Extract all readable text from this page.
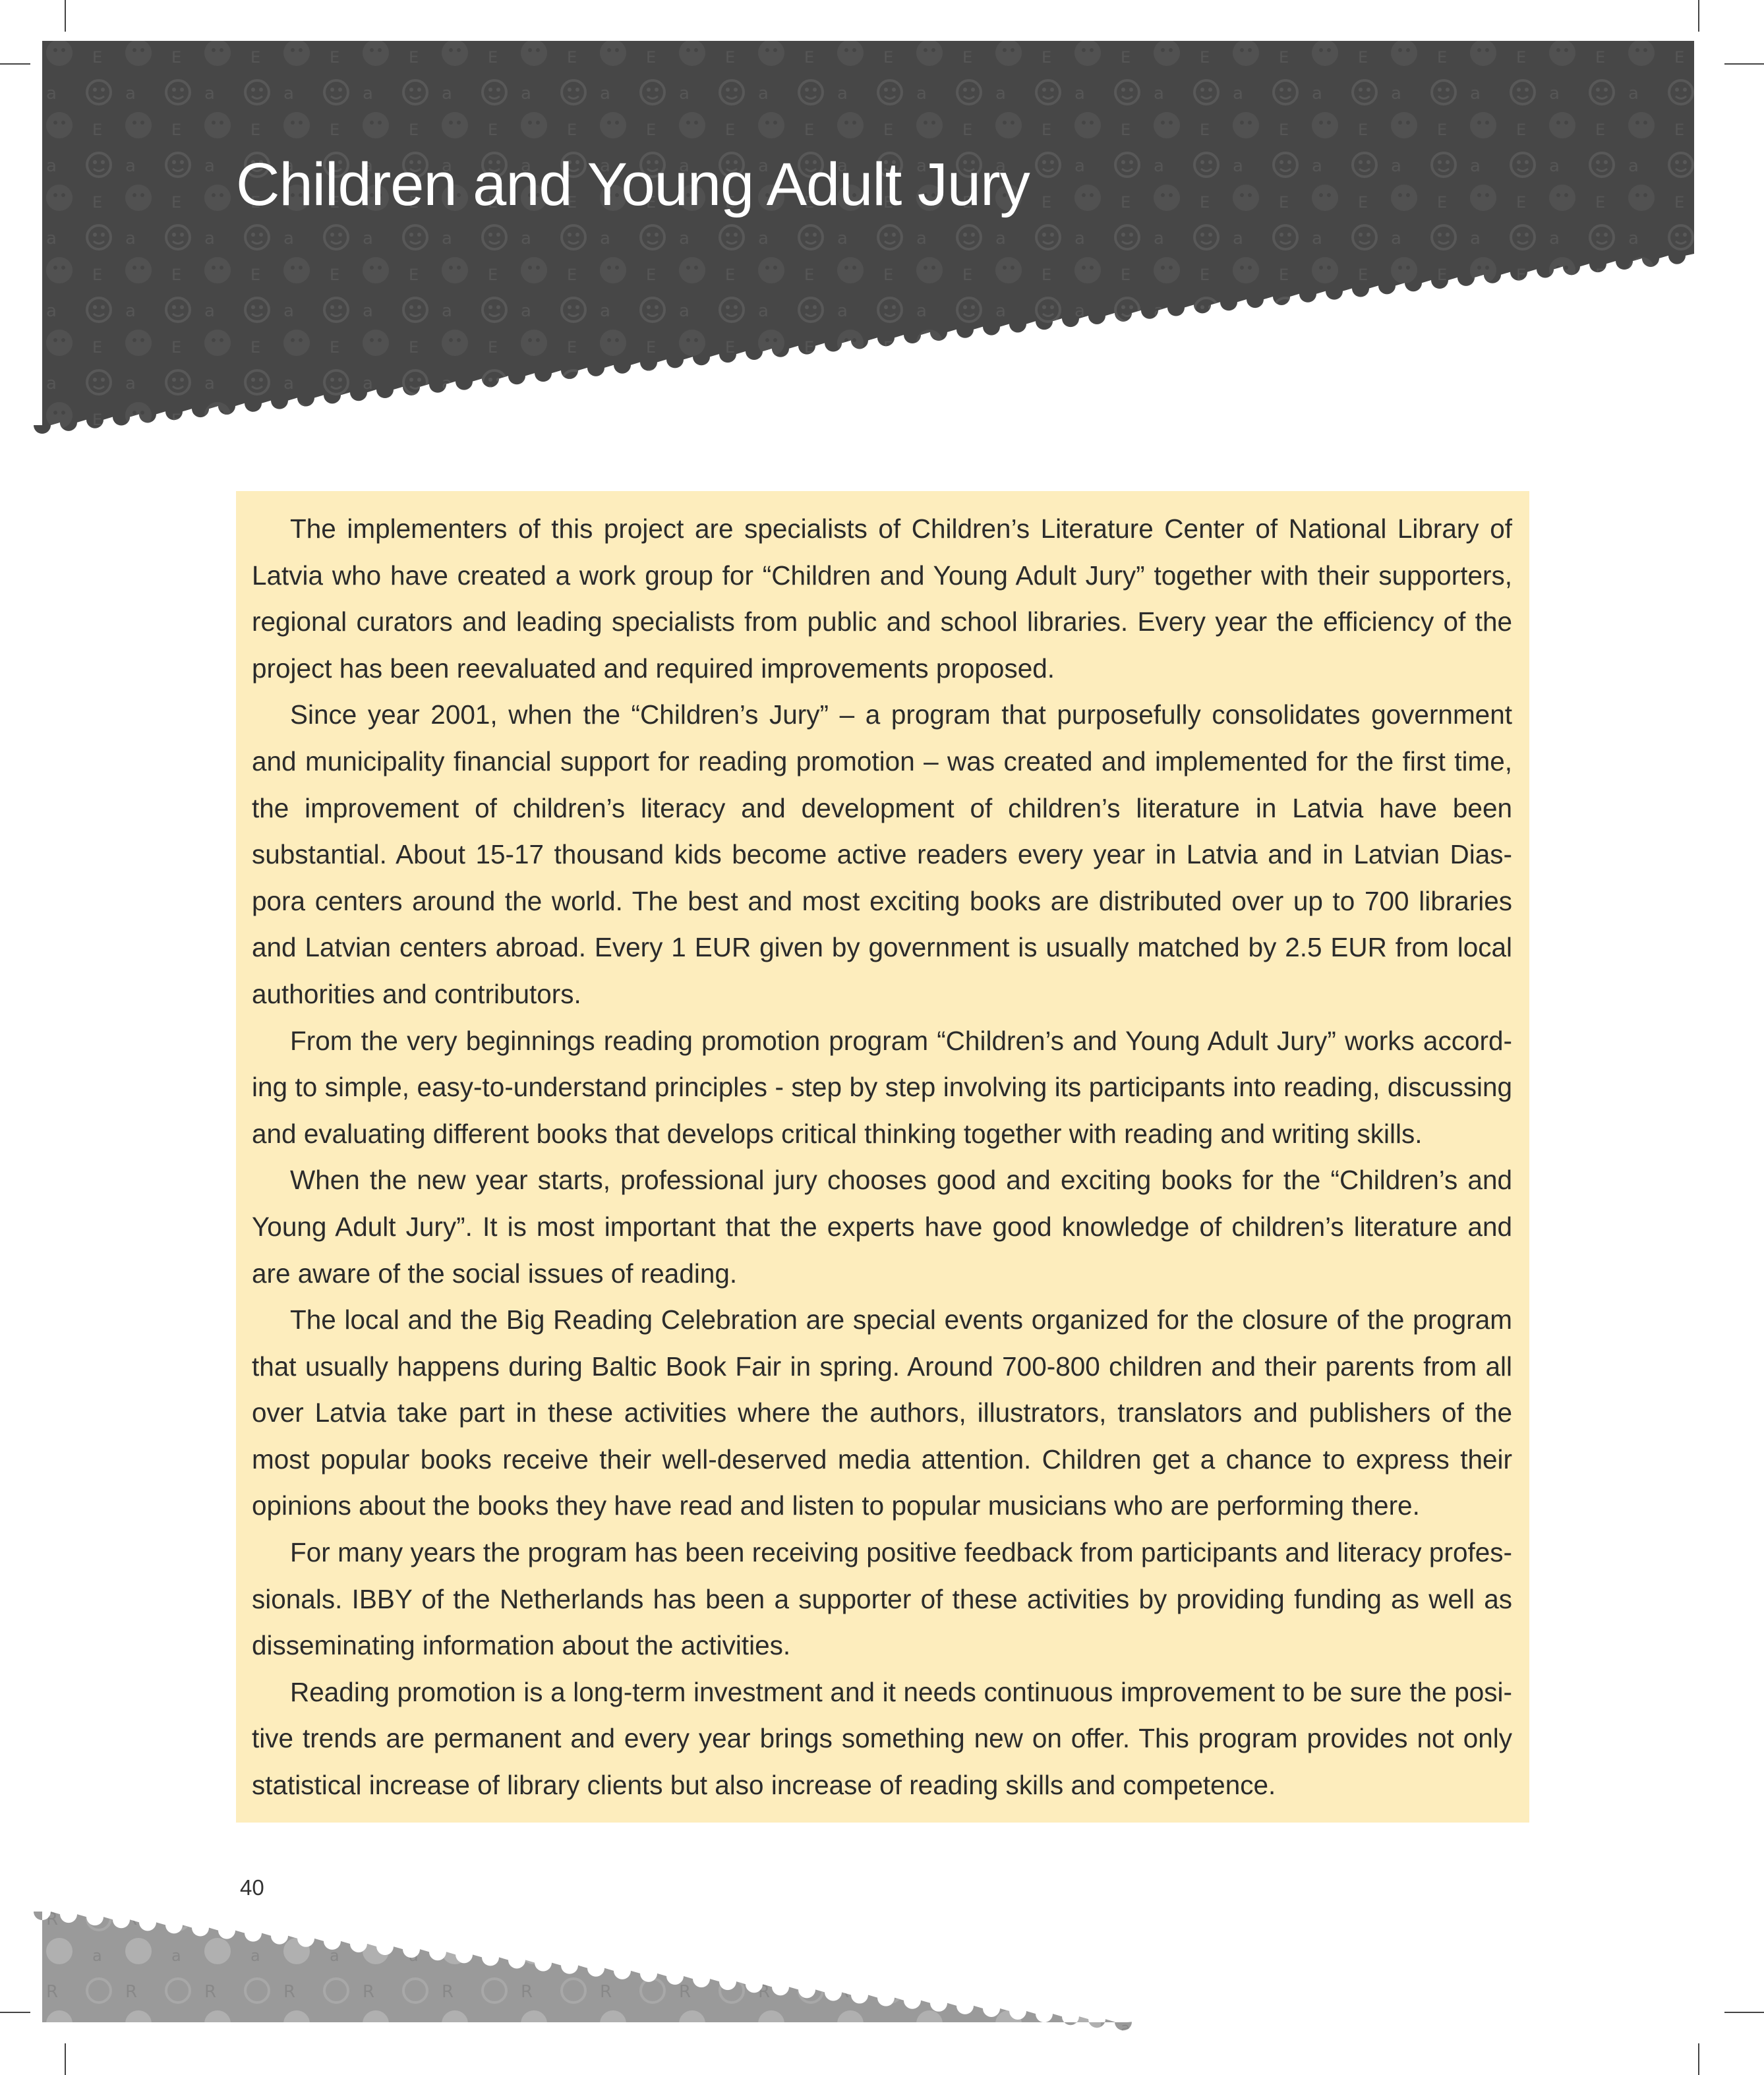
Children and Young Adult Jury

The implementers of this project are specialists of Children’s Literature Center of National Library of Latvia who have created a work group for “Children and Young Adult Jury” together with their supporters, regional curators and leading specialists from public and school libraries. Every year the efficiency of the project has been reevaluated and required improvements proposed.

Since year 2001, when the “Children’s Jury” – a program that purposefully consolidates government and municipality financial support for reading promotion – was created and implemented for the first time, the improvement of children’s literacy and development of children’s literature in Latvia have been substantial. About 15-17 thousand kids become active readers every year in Latvia and in Latvian Diaspora centers around the world. The best and most exciting books are distributed over up to 700 libraries and Latvian centers abroad. Every 1 EUR given by government is usually matched by 2.5 EUR from local authorities and contributors.

From the very beginnings reading promotion program “Children’s and Young Adult Jury” works according to simple, easy-to-understand principles - step by step involving its participants into reading, discussing and evaluating different books that develops critical thinking together with reading and writing skills.

When the new year starts, professional jury chooses good and exciting books for the “Children’s and Young Adult Jury”. It is most important that the experts have good knowledge of children’s literature and are aware of the social issues of reading.

The local and the Big Reading Celebration are special events organized for the closure of the program that usually happens during Baltic Book Fair in spring. Around 700-800 children and their parents from all over Latvia take part in these activities where the authors, illustrators, translators and publishers of the most popular books receive their well-deserved media attention. Children get a chance to express their opinions about the books they have read and listen to popular musicians who are performing there.

For many years the program has been receiving positive feedback from participants and literacy professionals. IBBY of the Netherlands has been a supporter of these activities by providing funding as well as disseminating information about the activities.

Reading promotion is a long-term investment and it needs continuous improvement to be sure the positive trends are permanent and every year brings something new on offer. This program provides not only statistical increase of library clients but also increase of reading skills and competence.

40
